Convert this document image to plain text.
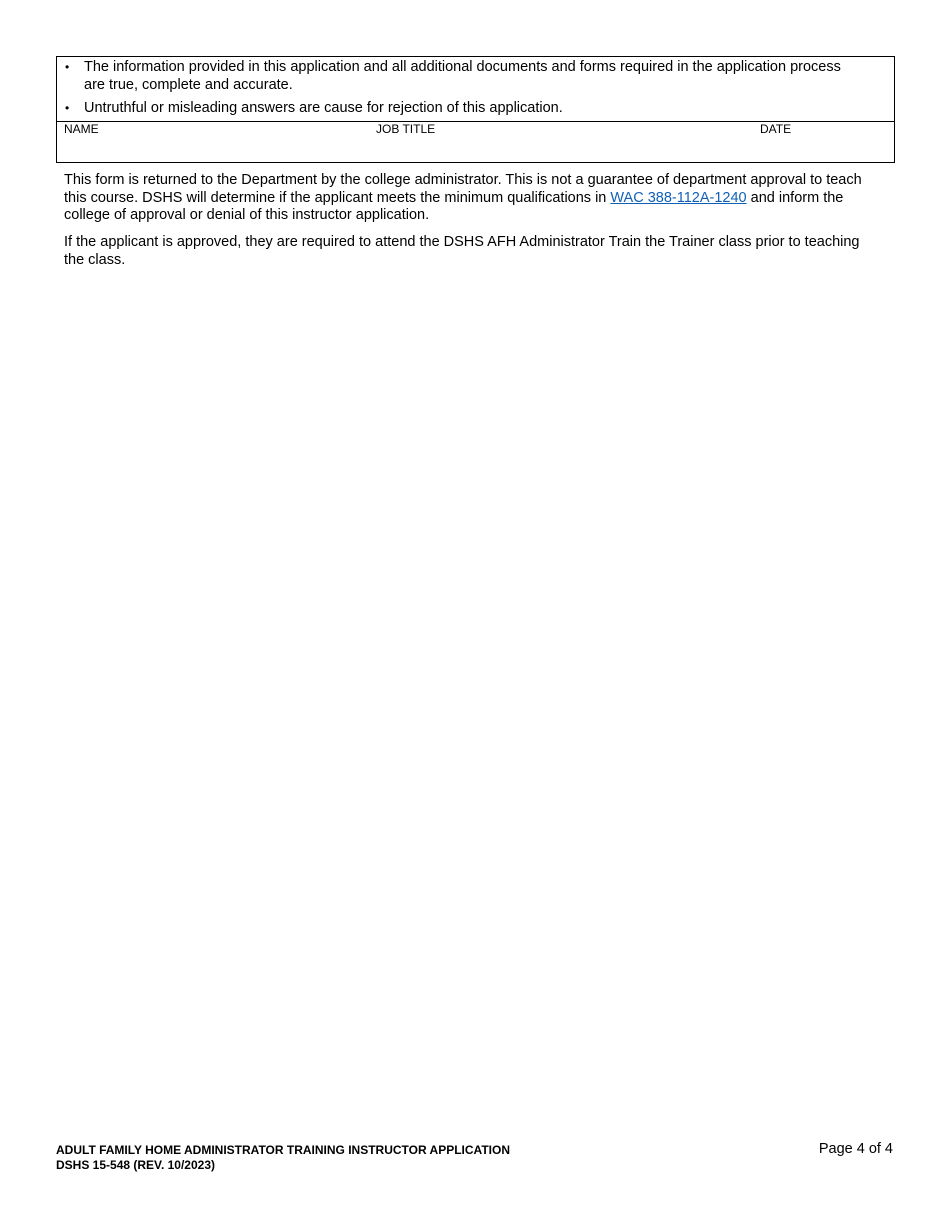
• The information provided in this application and all additional documents and forms required in the application process are true, complete and accurate.
• Untruthful or misleading answers are cause for rejection of this application.
NAME	JOB TITLE	DATE
This form is returned to the Department by the college administrator. This is not a guarantee of department approval to teach this course. DSHS will determine if the applicant meets the minimum qualifications in WAC 388-112A-1240 and inform the college of approval or denial of this instructor application.
If the applicant is approved, they are required to attend the DSHS AFH Administrator Train the Trainer class prior to teaching the class.
ADULT FAMILY HOME ADMINISTRATOR TRAINING INSTRUCTOR APPLICATION
DSHS 15-548 (REV. 10/2023)
Page 4 of 4
